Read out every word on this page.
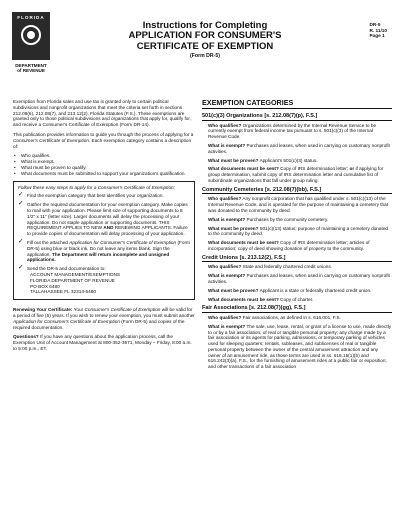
FLORIDA
DEPARTMENT
of REVENUE
Instructions for Completing
APPLICATION FOR CONSUMER'S
CERTIFICATE OF EXEMPTION
(Form DR-5)
DR-5
R. 11/10
Page 1

Exemption from Florida sales and use tax is granted only to certain political subdivisions and nonprofit organizations that meet the criteria set forth in sections 212.08(6), 212.08(7), and 213.12(2), Florida Statutes (F.S.). These exemptions are granted only to those political subdivisions and organizations that apply for, qualify for, and receive a Consumer's Certificate of Exemption (Form DR-14).

This publication provides information to guide you through the process of applying for a Consumer's Certificate of Exemption. Each exemption category contains a description of:

• Who qualifies.
• What is exempt.
• What must be proven to qualify.
• What documents must be submitted to support your organization's qualification.
Follow these easy steps to apply for a Consumer's Certificate of Exemption:
✓ Find the exemption category that best identifies your organization.
✓ Gather the required documentation for your exemption category. Make copies to mail with your application. Please limit size of supporting documents to 8 1/2" x 11" (letter size). Larger documents will delay the processing of your application. Do not staple application or supporting documents. THIS REQUIREMENT APPLIES TO NEW AND RENEWING APPLICANTS. Failure to provide copies of documentation will delay processing of your application.
✓ Fill out the attached Application for Consumer's Certificate of Exemption (Form DR-5) using blue or black ink. Do not leave any items blank. Sign the application. The Department will return incomplete and unsigned applications.
✓ Send the DR-5 and documentation to:
ACCOUNT MANAGEMENT/EXEMPTIONS
FLORIDA DEPARTMENT OF REVENUE
PO BOX 6480
TALLAHASSEE FL 32314-6480

Renewing Your Certificate: Your Consumer's Certificate of Exemption will be valid for a period of five (5) years. If you wish to renew your exemption, you must submit another Application for Consumer's Certificate of Exemption (Form DR-5) and copies of the required documentation.

Questions? If you have any questions about the application process, call the Exemption Unit of Account Management at 800-352-3671, Monday – Friday, 8:00 a.m. to 5:00 p.m., ET.

EXEMPTION CATEGORIES
501(c)(3) Organizations [s. 212.08(7)(p), F.S.]
Who qualifies? Organizations determined by the Internal Revenue Service to be currently exempt from federal income tax pursuant to s. 501(c)(3) of the Internal Revenue Code.
What is exempt? Purchases and leases, when used in carrying on customary nonprofit activities.
What must be proven? Applicant's 501(c)(3) status.
What documents must be sent? Copy of IRS determination letter; or if applying for group determination, submit copy of IRS determination letter and cumulative list of subordinate organizations that fall under group ruling.
Community Cemeteries [s. 212.08(7)(bb), F.S.]
Who qualifies? Any nonprofit corporation that has qualified under s. 501(c)(13) of the Internal Revenue Code, and is operated for the purpose of maintaining a cemetery that was donated to the community by deed.
What is exempt? Purchases by the community cemetery.
What must be proven? 501(c)(13) status; purpose of maintaining a cemetery donated to the community by deed.
What documents must be sent? Copy of IRS determination letter; articles of incorporation; copy of deed showing donation of property to the community.
Credit Unions [s. 213.12(2), F.S.]
Who qualifies? State and federally chartered credit unions.
What is exempt? Purchases and leases, when used in carrying on customary nonprofit activities.
What must be proven? Applicant is a state or federally chartered credit union.
What documents must be sent? Copy of charter.
Fair Associations [s. 212.08(7)(gg), F.S.]
Who qualifies? Fair associations, as defined in s. 616.001, F.S.
What is exempt? The sale, use, lease, rental, or grant of a license to use, made directly to or by a fair association, of real or tangible personal property; any charge made by a fair association or its agents for parking, admissions, or temporary parking of vehicles used for sleeping quarters; rentals, subleases, and sublicenses of real or tangible personal property between the owner of the central amusement attraction and any owner of an amusement ride, as those terms are used in ss. 616.15(1)(b) and 616.242(3)(a), F.S., for the furnishing of amusement rides at a public fair or exposition; and other transactions of a fair association
